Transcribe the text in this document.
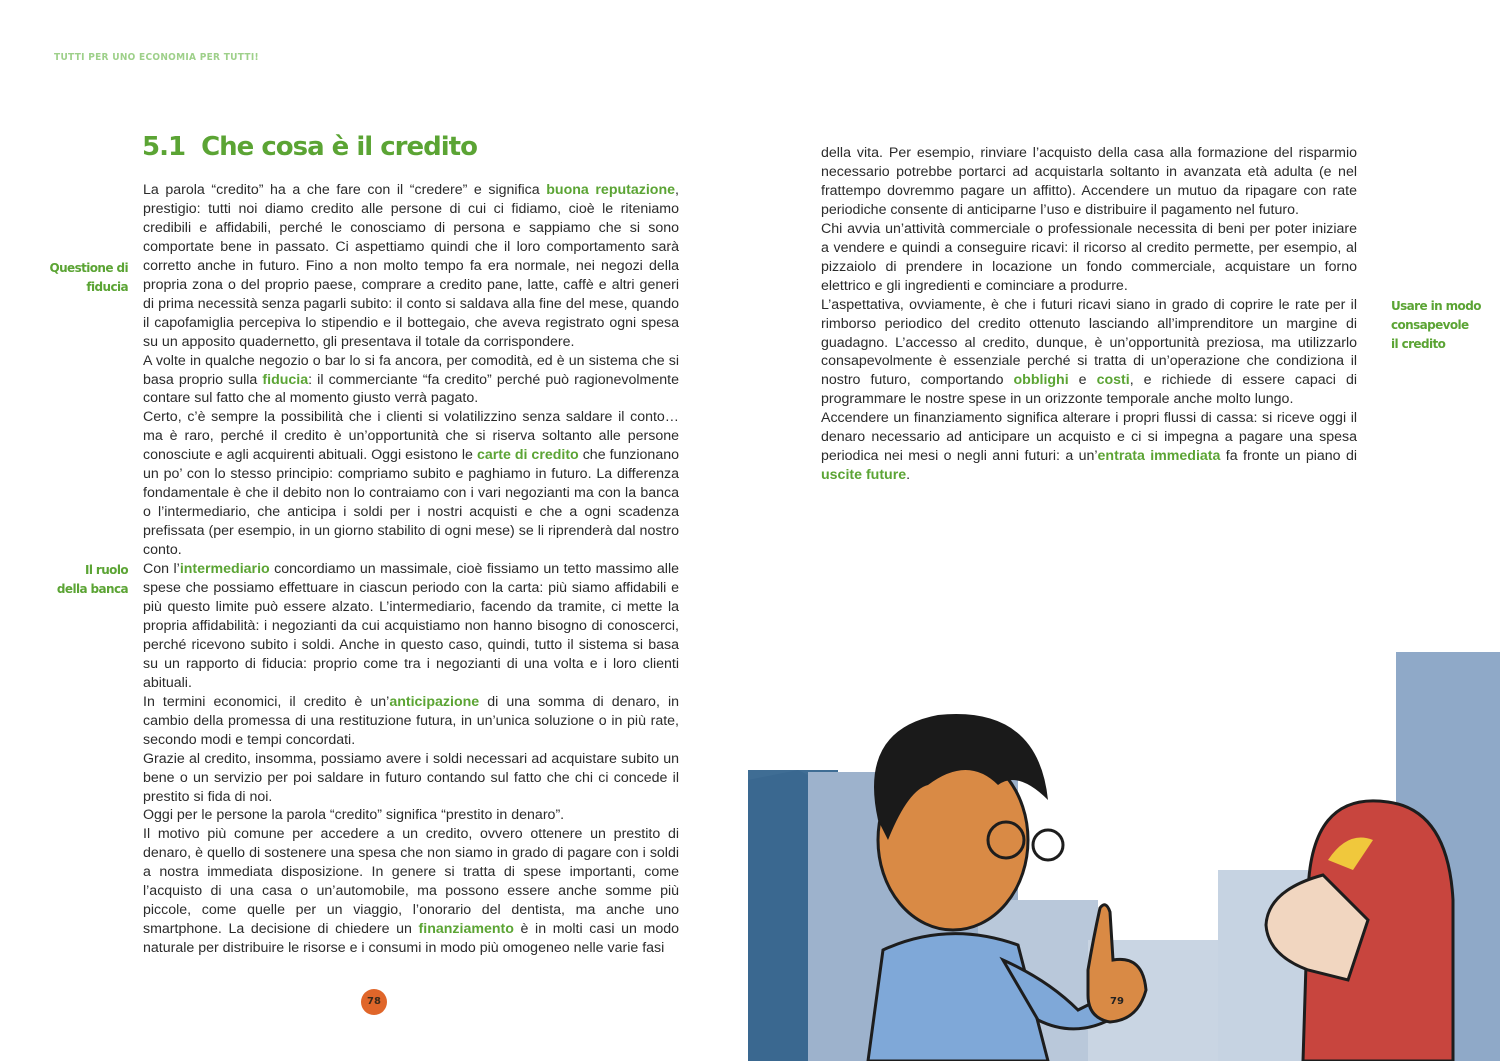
TUTTI PER UNO ECONOMIA PER TUTTI!
5.1 Che cosa è il credito
Questione di
fiducia
Il ruolo
della banca
Usare in modo
consapevole
il credito

La parola “credito” ha a che fare con il “credere” e significa buona reputazione, prestigio: tutti noi diamo credito alle persone di cui ci fidiamo, cioè le riteniamo credibili e affidabili, perché le conosciamo di persona e sappiamo che si sono comportate bene in passato. Ci aspettiamo quindi che il loro comportamento sarà corretto anche in futuro. Fino a non molto tempo fa era normale, nei negozi della propria zona o del proprio paese, comprare a credito pane, latte, caffè e altri generi di prima necessità senza pagarli subito: il conto si saldava alla fine del mese, quando il capofamiglia percepiva lo stipendio e il bottegaio, che aveva registrato ogni spesa su un apposito quadernetto, gli presentava il totale da corrispondere.

A volte in qualche negozio o bar lo si fa ancora, per comodità, ed è un sistema che si basa proprio sulla fiducia: il commerciante “fa credito” perché può ragionevolmente contare sul fatto che al momento giusto verrà pagato.

Certo, c’è sempre la possibilità che i clienti si volatilizzino senza saldare il conto… ma è raro, perché il credito è un’opportunità che si riserva soltanto alle persone conosciute e agli acquirenti abituali. Oggi esistono le carte di credito che funzionano un po’ con lo stesso principio: compriamo subito e paghiamo in futuro. La differenza fondamentale è che il debito non lo contraiamo con i vari negozianti ma con la banca o l’intermediario, che anticipa i soldi per i nostri acquisti e che a ogni scadenza prefissata (per esempio, in un giorno stabilito di ogni mese) se li riprenderà dal nostro conto.

Con l’intermediario concordiamo un massimale, cioè fissiamo un tetto massimo alle spese che possiamo effettuare in ciascun periodo con la carta: più siamo affidabili e più questo limite può essere alzato. L’intermediario, facendo da tramite, ci mette la propria affidabilità: i negozianti da cui acquistiamo non hanno bisogno di conoscerci, perché ricevono subito i soldi. Anche in questo caso, quindi, tutto il sistema si basa su un rapporto di fiducia: proprio come tra i negozianti di una volta e i loro clienti abituali.

In termini economici, il credito è un’anticipazione di una somma di denaro, in cambio della promessa di una restituzione futura, in un’unica soluzione o in più rate, secondo modi e tempi concordati.

Grazie al credito, insomma, possiamo avere i soldi necessari ad acquistare subito un bene o un servizio per poi saldare in futuro contando sul fatto che chi ci concede il prestito si fida di noi.

Oggi per le persone la parola “credito” significa “prestito in denaro”.

Il motivo più comune per accedere a un credito, ovvero ottenere un prestito di denaro, è quello di sostenere una spesa che non siamo in grado di pagare con i soldi a nostra immediata disposizione. In genere si tratta di spese importanti, come l’acquisto di una casa o un’automobile, ma possono essere anche somme più piccole, come quelle per un viaggio, l’onorario del dentista, ma anche uno smartphone. La decisione di chiedere un finanziamento è in molti casi un modo naturale per distribuire le risorse e i consumi in modo più omogeneo nelle varie fasi

della vita. Per esempio, rinviare l’acquisto della casa alla formazione del risparmio necessario potrebbe portarci ad acquistarla soltanto in avanzata età adulta (e nel frattempo dovremmo pagare un affitto). Accendere un mutuo da ripagare con rate periodiche consente di anticiparne l’uso e distribuire il pagamento nel futuro.

Chi avvia un’attività commerciale o professionale necessita di beni per poter iniziare a vendere e quindi a conseguire ricavi: il ricorso al credito permette, per esempio, al pizzaiolo di prendere in locazione un fondo commerciale, acquistare un forno elettrico e gli ingredienti e cominciare a produrre.

L’aspettativa, ovviamente, è che i futuri ricavi siano in grado di coprire le rate per il rimborso periodico del credito ottenuto lasciando all’imprenditore un margine di guadagno. L’accesso al credito, dunque, è un’opportunità preziosa, ma utilizzarlo consapevolmente è essenziale perché si tratta di un’operazione che condiziona il nostro futuro, comportando obblighi e costi, e richiede di essere capaci di programmare le nostre spese in un orizzonte temporale anche molto lungo.

Accendere un finanziamento significa alterare i propri flussi di cassa: si riceve oggi il denaro necessario ad anticipare un acquisto e ci si impegna a pagare una spesa periodica nei mesi o negli anni futuri: a un’entrata immediata fa fronte un piano di uscite future.

78	79
